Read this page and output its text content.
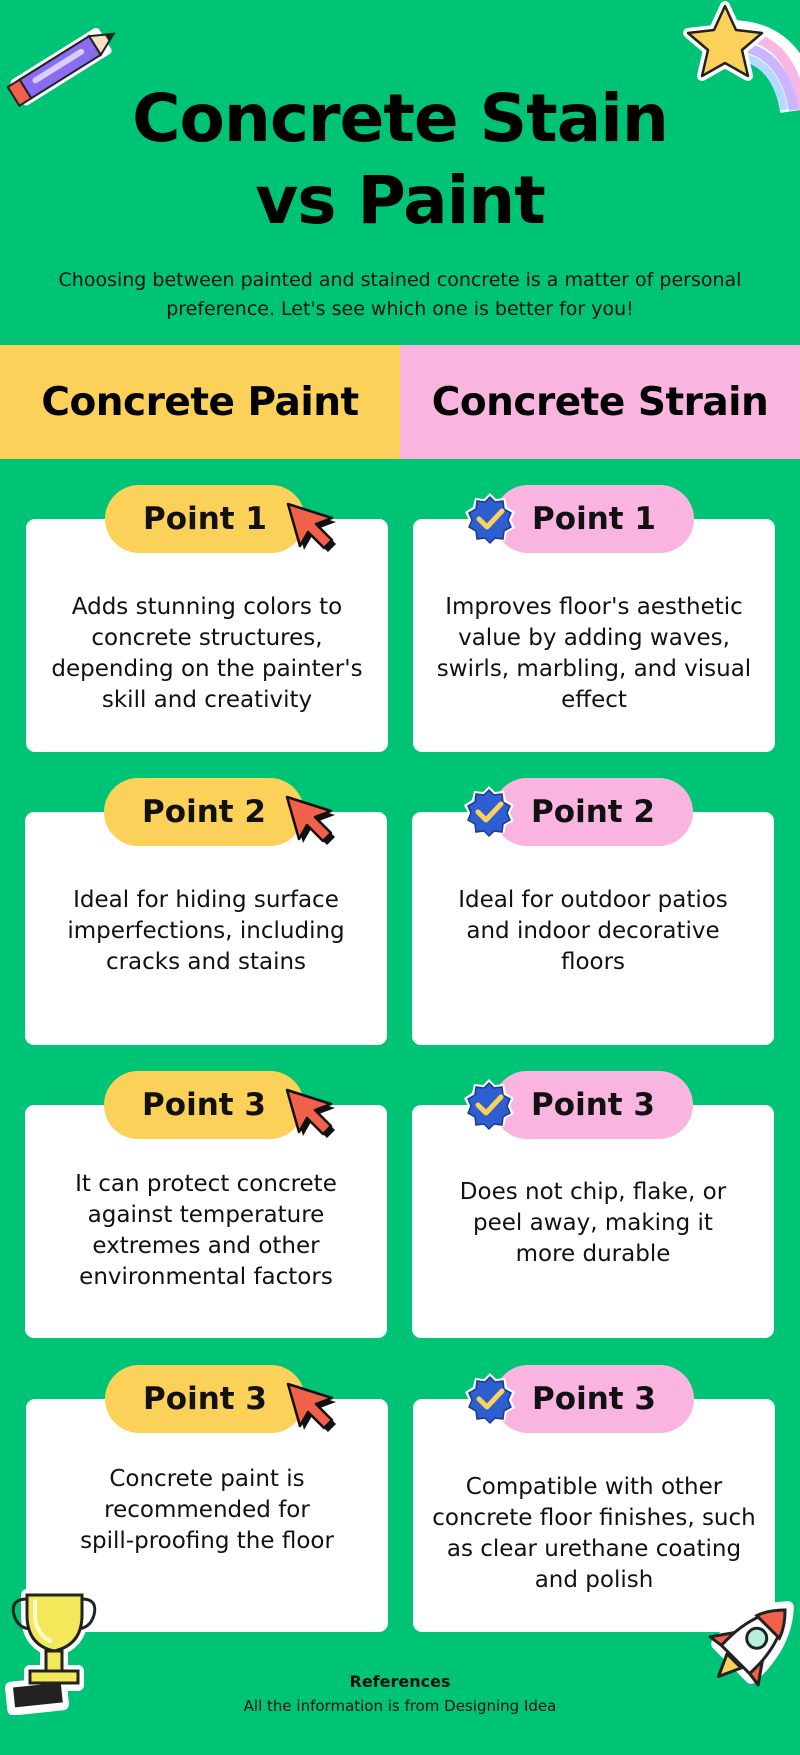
Concrete Stain
vs Paint
Choosing between painted and stained concrete is a matter of personal preference. Let's see which one is better for you!
Concrete Paint	Concrete Strain
Adds stunning colors to concrete structures, depending on the painter's skill and creativity
Point 1
Improves floor's aesthetic value by adding waves, swirls, marbling, and visual effect
Point 1
Ideal for hiding surface imperfections, including cracks and stains
Point 2
Ideal for outdoor patios and indoor decorative floors
Point 2
It can protect concrete against temperature extremes and other environmental factors
Point 3
Does not chip, flake, or peel away, making it more durable
Point 3
Concrete paint is recommended for spill-proofing the floor
Point 3
Compatible with other concrete floor finishes, such as clear urethane coating and polish
Point 3
References
All the information is from Designing Idea
